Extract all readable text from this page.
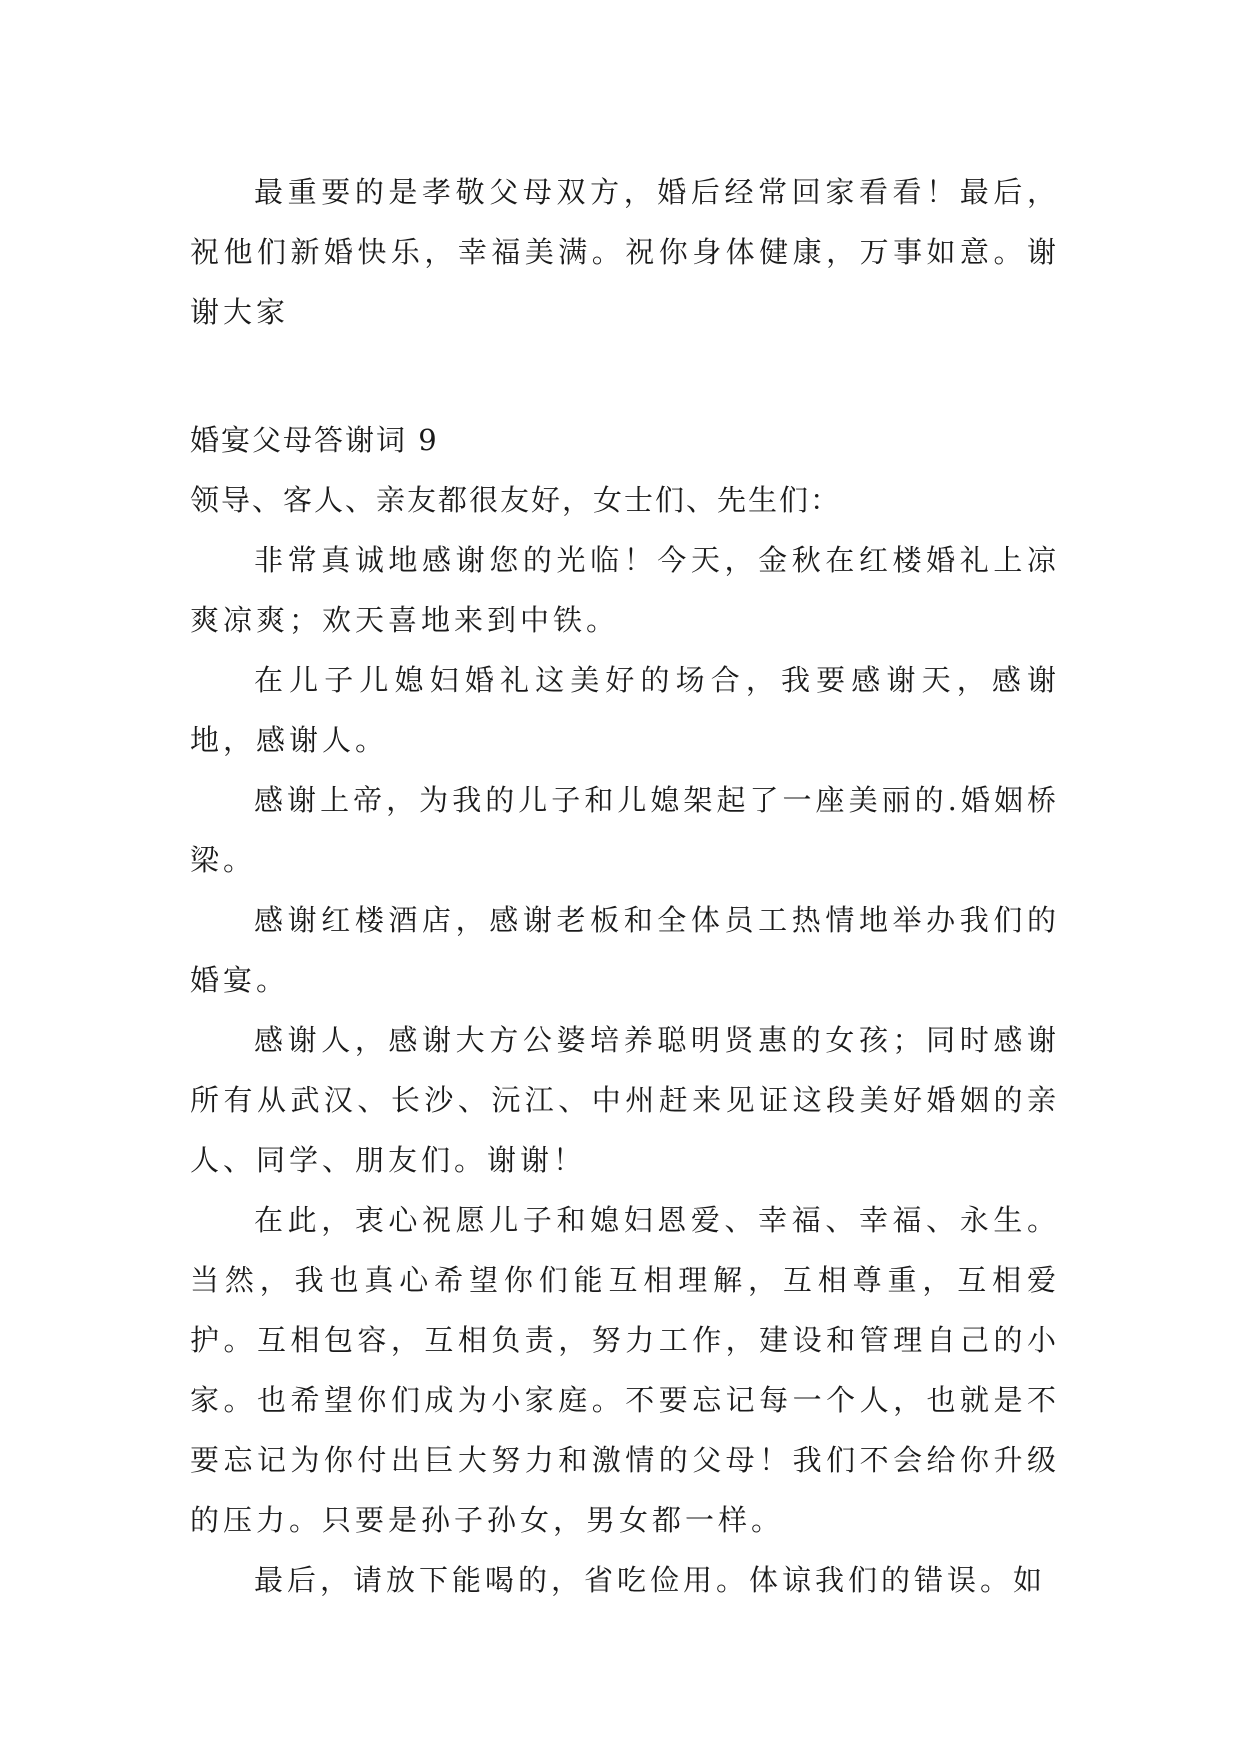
最重要的是孝敬父母双方，婚后经常回家看看！最后，祝他们新婚快乐，幸福美满。祝你身体健康，万事如意。谢谢大家

婚宴父母答谢词 9

领导、客人、亲友都很友好，女士们、先生们：

非常真诚地感谢您的光临！今天，金秋在红楼婚礼上凉爽凉爽；欢天喜地来到中铁。

在儿子儿媳妇婚礼这美好的场合，我要感谢天，感谢地，感谢人。

感谢上帝，为我的儿子和儿媳架起了一座美丽的.婚姻桥梁。

感谢红楼酒店，感谢老板和全体员工热情地举办我们的婚宴。

感谢人，感谢大方公婆培养聪明贤惠的女孩；同时感谢所有从武汉、长沙、沅江、中州赶来见证这段美好婚姻的亲人、同学、朋友们。谢谢！

在此，衷心祝愿儿子和媳妇恩爱、幸福、幸福、永生。当然，我也真心希望你们能互相理解，互相尊重，互相爱护。互相包容，互相负责，努力工作，建设和管理自己的小家。也希望你们成为小家庭。不要忘记每一个人，也就是不要忘记为你付出巨大努力和激情的父母！我们不会给你升级的压力。只要是孙子孙女，男女都一样。

最后，请放下能喝的，省吃俭用。体谅我们的错误。如
